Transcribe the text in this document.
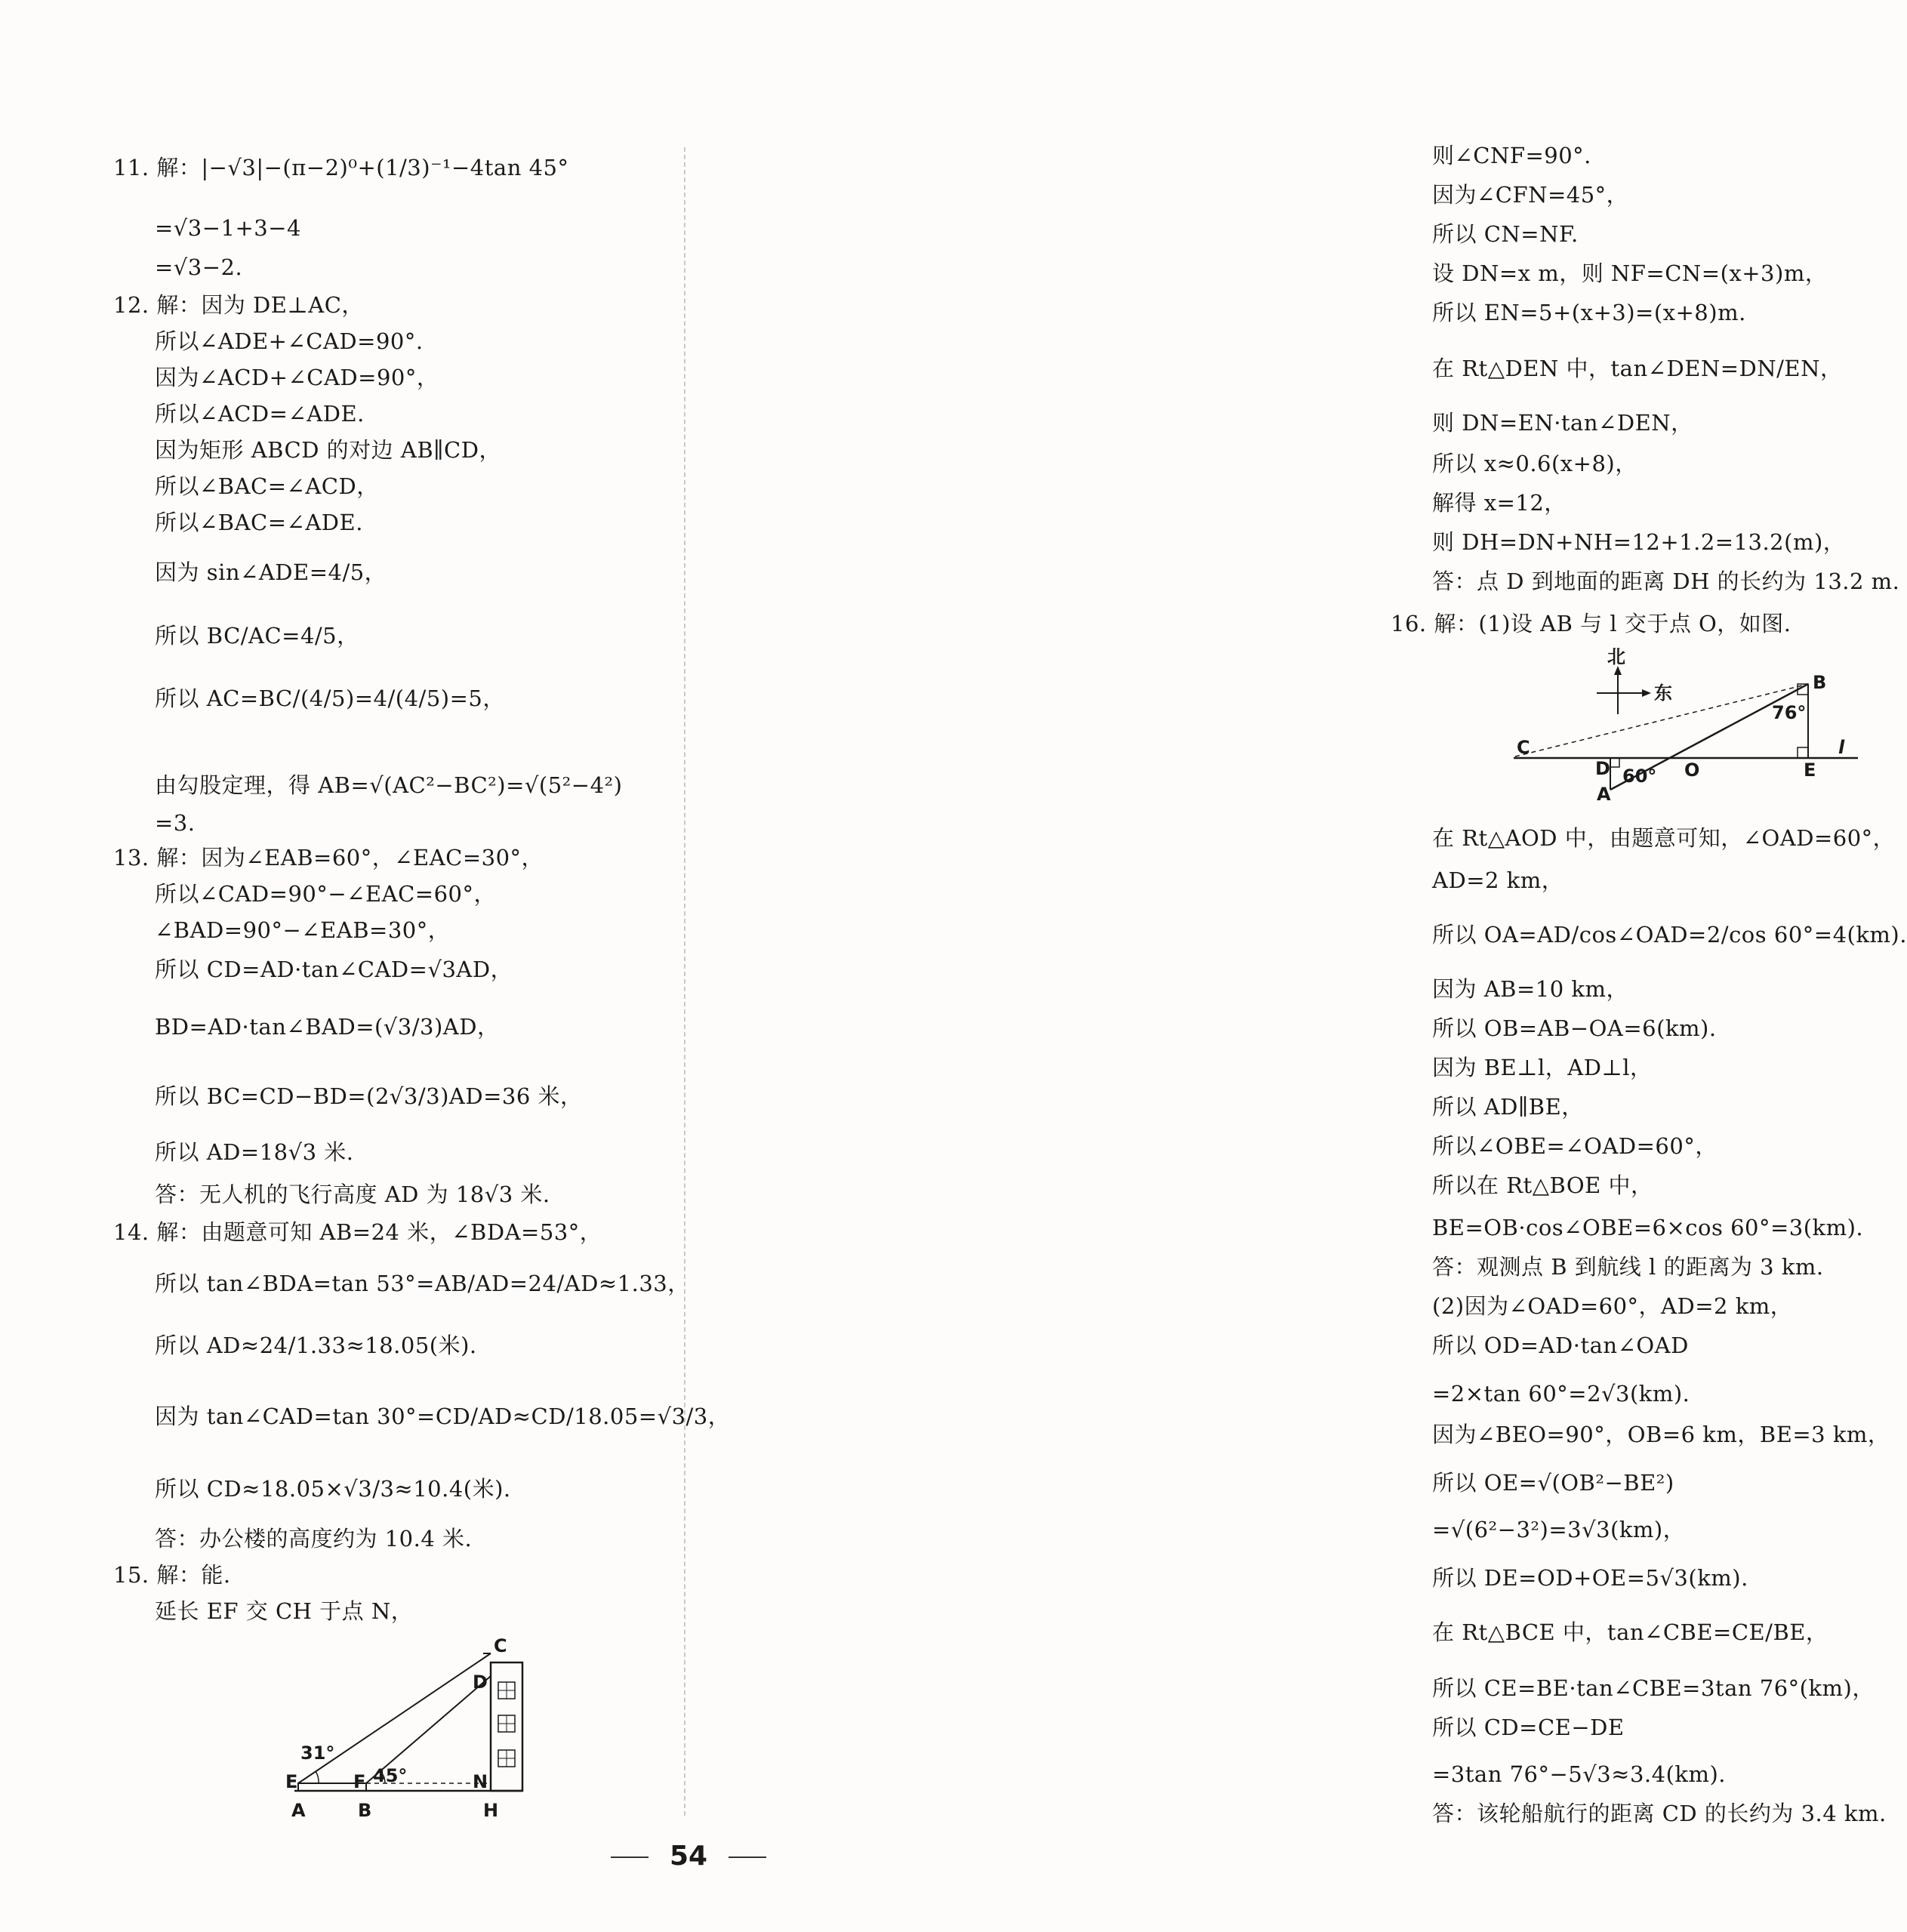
11. 解：|−√3|−(π−2)⁰+(1/3)⁻¹−4tan 45°
=√3−1+3−4
=√3−2.
12. 解：因为 DE⊥AC，
所以∠ADE+∠CAD=90°.
因为∠ACD+∠CAD=90°，
所以∠ACD=∠ADE.
因为矩形 ABCD 的对边 AB∥CD，
所以∠BAC=∠ACD，
所以∠BAC=∠ADE.
因为 sin∠ADE=4/5，
所以 BC/AC=4/5，
所以 AC=BC/(4/5)=4/(4/5)=5，
由勾股定理，得 AB=√(AC²−BC²)=√(5²−4²)
=3.
13. 解：因为∠EAB=60°，∠EAC=30°，
所以∠CAD=90°−∠EAC=60°，
∠BAD=90°−∠EAB=30°，
所以 CD=AD·tan∠CAD=√3AD，
BD=AD·tan∠BAD=(√3/3)AD，
所以 BC=CD−BD=(2√3/3)AD=36 米，
所以 AD=18√3 米.
答：无人机的飞行高度 AD 为 18√3 米.
14. 解：由题意可知 AB=24 米，∠BDA=53°，
所以 tan∠BDA=tan 53°=AB/AD=24/AD≈1.33，
所以 AD≈24/1.33≈18.05(米).
因为 tan∠CAD=tan 30°=CD/AD≈CD/18.05=√3/3，
所以 CD≈18.05×√3/3≈10.4(米).
答：办公楼的高度约为 10.4 米.
15. 解：能.
延长 EF 交 CH 于点 N，
C
D
E	F	N
A	B	H
31°
45°
则∠CNF=90°.
因为∠CFN=45°，
所以 CN=NF.
设 DN=x m，则 NF=CN=(x+3)m，
所以 EN=5+(x+3)=(x+8)m.
在 Rt△DEN 中，tan∠DEN=DN/EN，
则 DN=EN·tan∠DEN，
所以 x≈0.6(x+8)，
解得 x=12，
则 DH=DN+NH=12+1.2=13.2(m)，
答：点 D 到地面的距离 DH 的长约为 13.2 m.
16. 解：(1)设 AB 与 l 交于点 O，如图.
北
东	B
C
D	O	E
A
l
76°
60°
在 Rt△AOD 中，由题意可知，∠OAD=60°，
AD=2 km，
所以 OA=AD/cos∠OAD=2/cos 60°=4(km).
因为 AB=10 km，
所以 OB=AB−OA=6(km).
因为 BE⊥l，AD⊥l，
所以 AD∥BE，
所以∠OBE=∠OAD=60°，
所以在 Rt△BOE 中，
BE=OB·cos∠OBE=6×cos 60°=3(km).
答：观测点 B 到航线 l 的距离为 3 km.
(2)因为∠OAD=60°，AD=2 km，
所以 OD=AD·tan∠OAD
=2×tan 60°=2√3(km).
因为∠BEO=90°，OB=6 km，BE=3 km，
所以 OE=√(OB²−BE²)
=√(6²−3²)=3√3(km)，
所以 DE=OD+OE=5√3(km).
在 Rt△BCE 中，tan∠CBE=CE/BE，
所以 CE=BE·tan∠CBE=3tan 76°(km)，
所以 CD=CE−DE
=3tan 76°−5√3≈3.4(km).
答：该轮船航行的距离 CD 的长约为 3.4 km.
54
